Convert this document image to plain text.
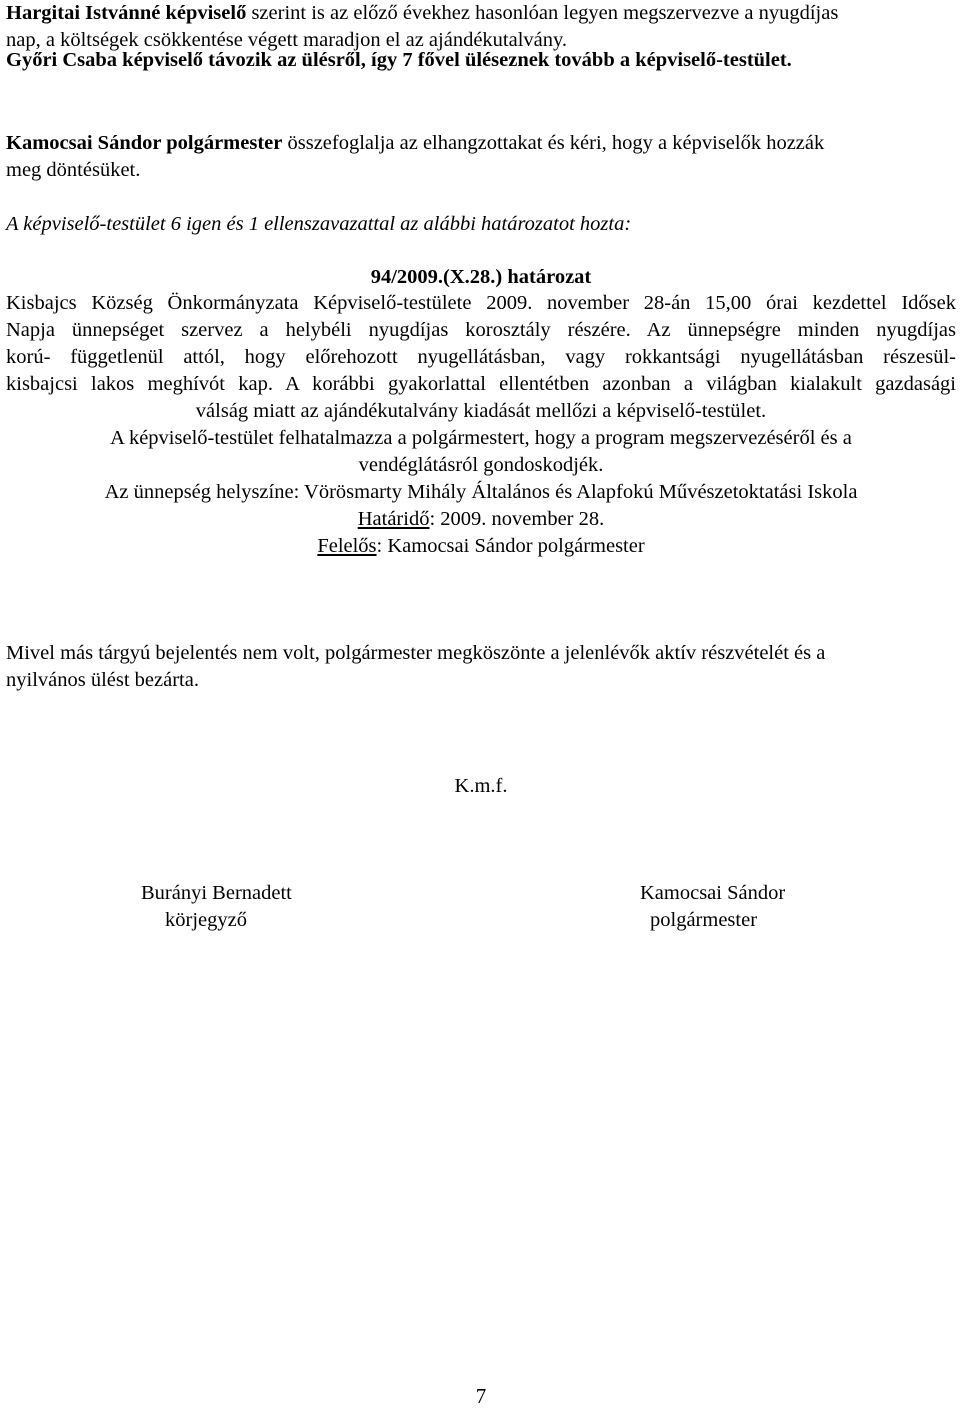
Hargitai Istvánné képviselő szerint is az előző évekhez hasonlóan legyen megszervezve a nyugdíjas
nap, a költségek csökkentése végett maradjon el az ajándékutalvány.

Győri Csaba képviselő távozik az ülésről, így 7 fővel üléseznek tovább a képviselő-testület.

Kamocsai Sándor polgármester összefoglalja az elhangzottakat és kéri, hogy a képviselők hozzák
meg döntésüket.

A képviselő-testület 6 igen és 1 ellenszavazattal az alábbi határozatot hozta:

94/2009.(X.28.) határozat

Kisbajcs Község Önkormányzata Képviselő-testülete 2009. november 28-án 15,00 órai kezdettel Idősek
Napja ünnepséget szervez a helybéli nyugdíjas korosztály részére. Az ünnepségre minden nyugdíjas
korú- függetlenül attól, hogy előrehozott nyugellátásban, vagy rokkantsági nyugellátásban részesül-
kisbajcsi lakos meghívót kap. A korábbi gyakorlattal ellentétben azonban a világban kialakult gazdasági
válság miatt az ajándékutalvány kiadását mellőzi a képviselő-testület.
A képviselő-testület felhatalmazza a polgármestert, hogy a program megszervezéséről és a
vendéglátásról gondoskodjék.
Az ünnepség helyszíne: Vörösmarty Mihály Általános és Alapfokú Művészetoktatási Iskola
Határidő: 2009. november 28.
Felelős: Kamocsai Sándor polgármester

Mivel más tárgyú bejelentés nem volt, polgármester megköszönte a jelenlévők aktív részvételét és a
nyilvános ülést bezárta.

K.m.f.

Burányi Bernadett
körjegyző
Kamocsai Sándor
polgármester
7
